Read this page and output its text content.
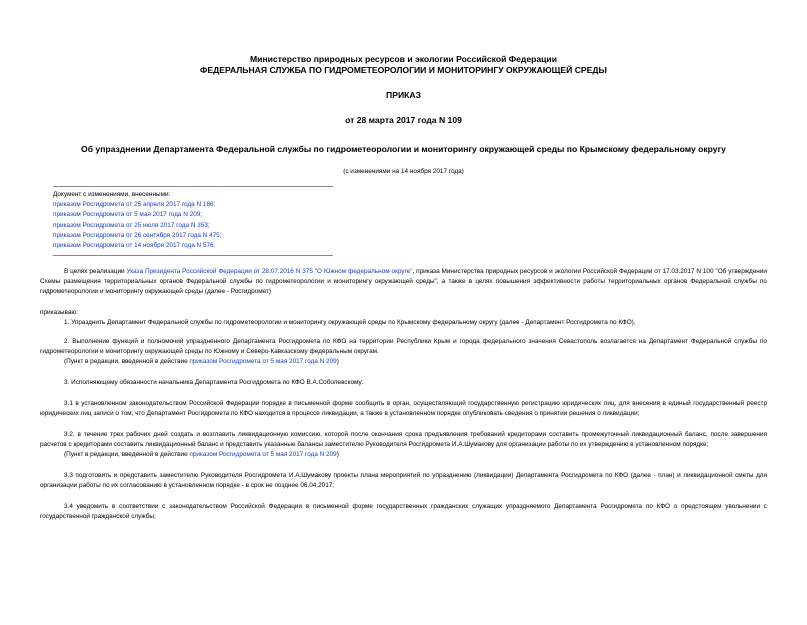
Министерство природных ресурсов и экологии Российской Федерации
ФЕДЕРАЛЬНАЯ СЛУЖБА ПО ГИДРОМЕТЕОРОЛОГИИ И МОНИТОРИНГУ ОКРУЖАЮЩЕЙ СРЕДЫ
ПРИКАЗ
от 28 марта 2017 года N 109
Об упразднении Департамента Федеральной службы по гидрометеорологии и мониторингу окружающей среды по Крымскому федеральному округу
(с изменениями на 14 ноября 2017 года)
Документ с изменениями, внесенными:
приказом Росгидромета от 25 апреля 2017 года N 186;
приказом Росгидромета от 5 мая 2017 года N 209;
приказом Росгидромета от 25 июля 2017 года N 353;
приказом Росгидромета от 26 сентября 2017 года N 475;
приказом Росгидромета от 14 ноября 2017 года N 576.

В целях реализации Указа Президента Российской Федерации от 28.07.2016 N 375 "О Южном федеральном округе", приказа Министерства природных ресурсов и экологии Российской Федерации от 17.03.2017 N 100 "Об утверждении Схемы размещения территориальных органов Федеральной службы по гидрометеорологии и мониторингу окружающей среды", а также в целях повышения эффективности работы территориальных органов Федеральной службы по гидрометеорологии и мониторингу окружающей среды (далее - Росгидромет)

приказываю:

1. Упразднить Департамент Федеральной службы по гидрометеорологии и мониторингу окружающей среды по Крымскому федеральному округу (далее - Департамент Росгидромета по КФО).

2. Выполнение функций и полномочий упраздненного Департамента Росгидромета по КФО на территории Республики Крым и города федерального значения Севастополь возлагается на Департамент Федеральной службы по гидрометеорологии и мониторингу окружающей среды по Южному и Северо-Кавказскому федеральным округам.

(Пункт в редакции, введенной в действие приказом Росгидромета от 5 мая 2017 года N 209)

3. Исполняющему обязанности начальника Департамента Росгидромета по КФО В.А.Соболевскому:

3.1 в установленном законодательством Российской Федерации порядке в письменной форме сообщить в орган, осуществляющий государственную регистрацию юридических лиц, для внесения в единый государственный реестр юридических лиц записи о том, что Департамент Росгидромета по КФО находится в процессе ликвидации, а также в установленном порядке опубликовать сведения о принятии решения о ликвидации;

3.2. в течение трех рабочих дней создать и возглавить ликвидационную комиссию, которой после окончания срока предъявления требований кредиторами составить промежуточный ликвидационный баланс, после завершения расчетов с кредиторами составить ликвидационный баланс и представить указанные балансы заместителю Руководителя Росгидромета И.А.Шумакову для организации работы по их утверждению в установленном порядке;

(Пункт в редакции, введенной в действие приказом Росгидромета от 5 мая 2017 года N 209)

3.3 подготовить и представить заместителю Руководителя Росгидромета И.А.Шумакову проекты плана мероприятий по упразднению (ликвидации) Департамента Росгидромета по КФО (далее - план) и ликвидационной сметы для организации работы по их согласованию в установленном порядке - в срок не позднее 06.04.2017;

3.4 уведомить в соответствии с законодательством Российской Федерации в письменной форме государственных гражданских служащих упраздняемого Департамента Росгидромета по КФО о предстоящем увольнении с государственной гражданской службы;
